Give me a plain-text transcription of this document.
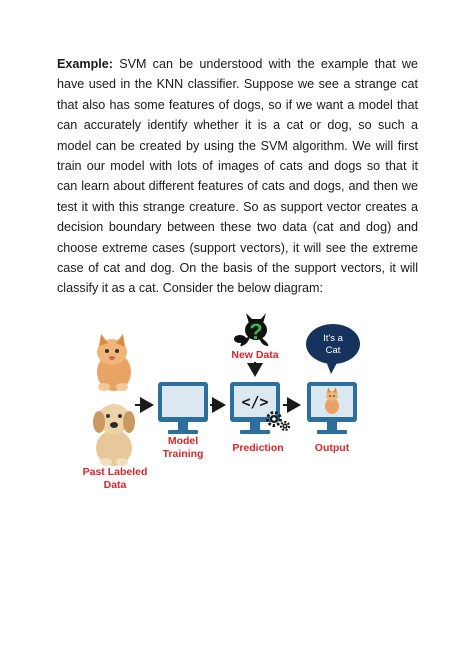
Example: SVM can be understood with the example that we have used in the KNN classifier. Suppose we see a strange cat that also has some features of dogs, so if we want a model that can accurately identify whether it is a cat or dog, so such a model can be created by using the SVM algorithm. We will first train our model with lots of images of cats and dogs so that it can learn about different features of cats and dogs, and then we test it with this strange creature. So as support vector creates a decision boundary between these two data (cat and dog) and choose extreme cases (support vectors), it will see the extreme case of cat and dog. On the basis of the support vectors, it will classify it as a cat. Consider the below diagram:

Past Labeled
Data
Model
Training
?
New Data
</>
Prediction
It's a
Cat
Output
